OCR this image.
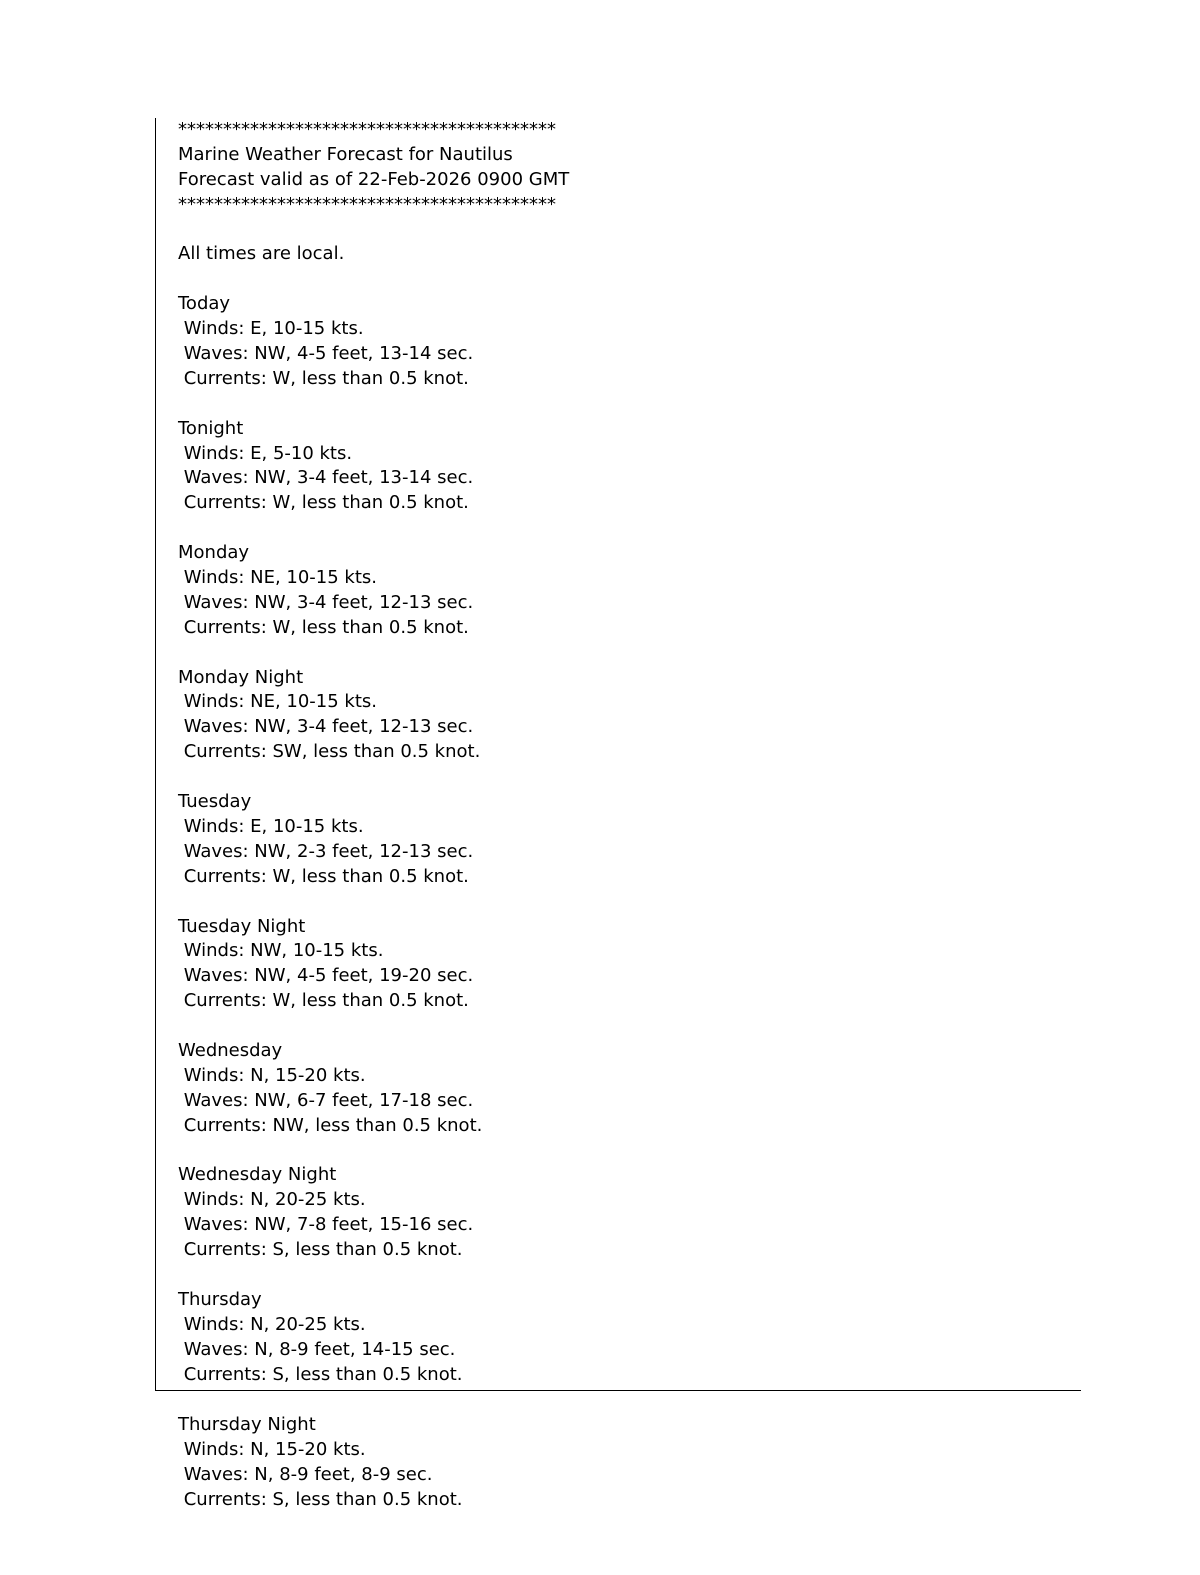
******************************************
Marine Weather Forecast for Nautilus
Forecast valid as of 22-Feb-2026 0900 GMT
******************************************
All times are local.
Today
Winds: E, 10-15 kts.
Waves: NW, 4-5 feet, 13-14 sec.
Currents: W, less than 0.5 knot.
Tonight
Winds: E, 5-10 kts.
Waves: NW, 3-4 feet, 13-14 sec.
Currents: W, less than 0.5 knot.
Monday
Winds: NE, 10-15 kts.
Waves: NW, 3-4 feet, 12-13 sec.
Currents: W, less than 0.5 knot.
Monday Night
Winds: NE, 10-15 kts.
Waves: NW, 3-4 feet, 12-13 sec.
Currents: SW, less than 0.5 knot.
Tuesday
Winds: E, 10-15 kts.
Waves: NW, 2-3 feet, 12-13 sec.
Currents: W, less than 0.5 knot.
Tuesday Night
Winds: NW, 10-15 kts.
Waves: NW, 4-5 feet, 19-20 sec.
Currents: W, less than 0.5 knot.
Wednesday
Winds: N, 15-20 kts.
Waves: NW, 6-7 feet, 17-18 sec.
Currents: NW, less than 0.5 knot.
Wednesday Night
Winds: N, 20-25 kts.
Waves: NW, 7-8 feet, 15-16 sec.
Currents: S, less than 0.5 knot.
Thursday
Winds: N, 20-25 kts.
Waves: N, 8-9 feet, 14-15 sec.
Currents: S, less than 0.5 knot.
Thursday Night
Winds: N, 15-20 kts.
Waves: N, 8-9 feet, 8-9 sec.
Currents: S, less than 0.5 knot.
